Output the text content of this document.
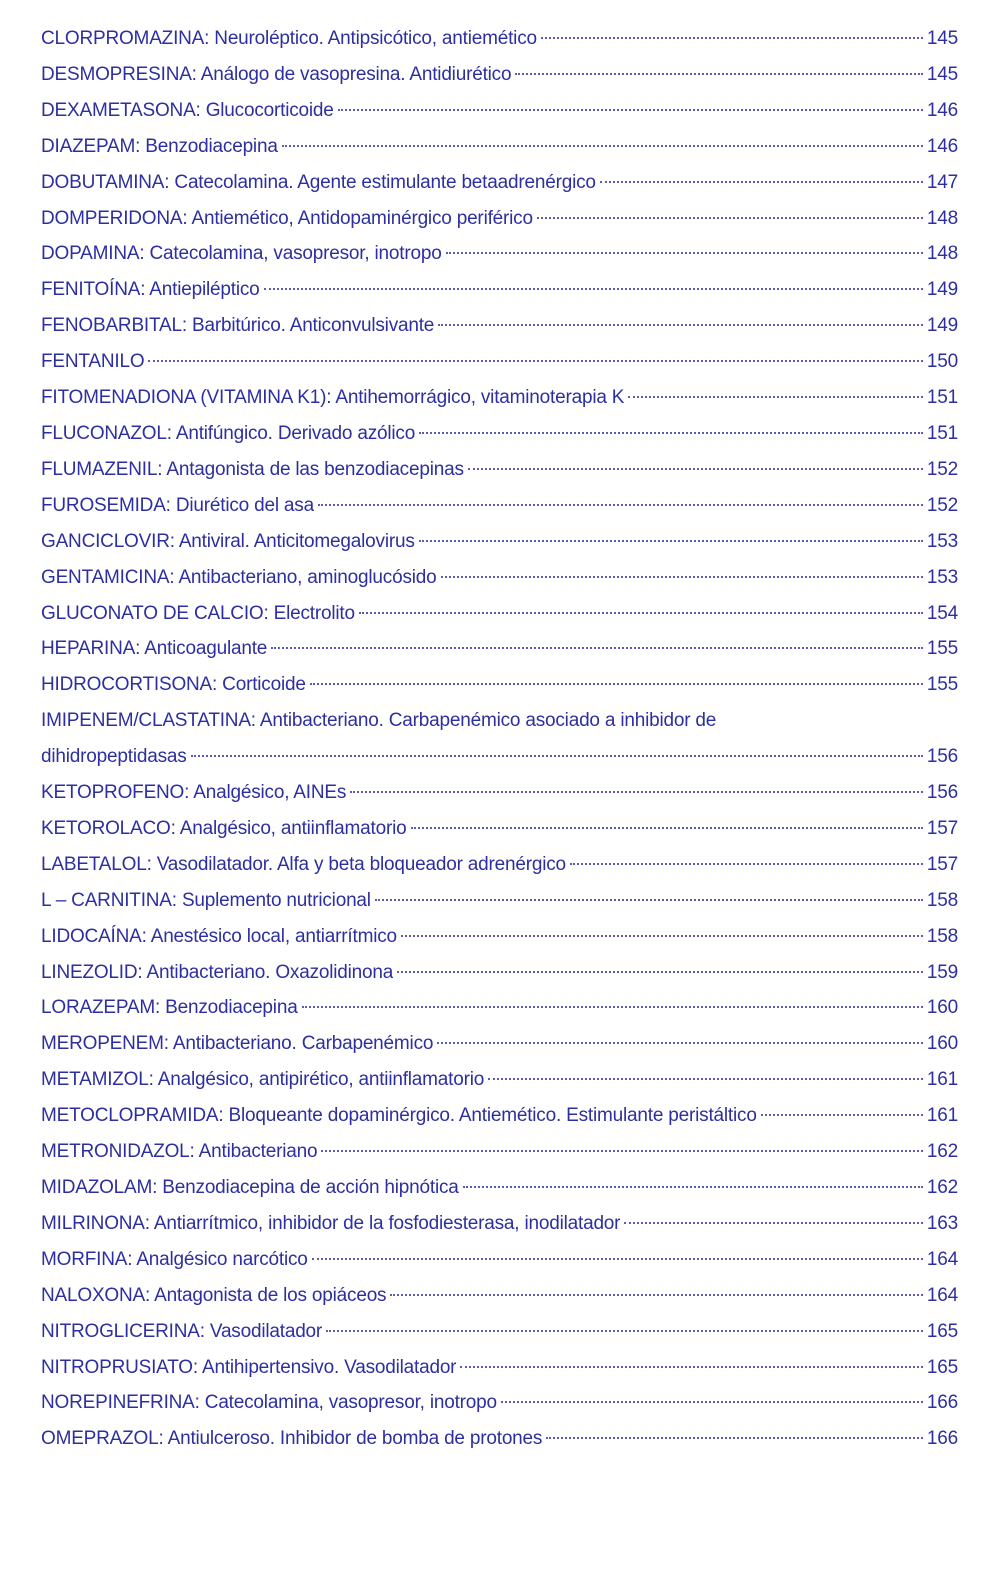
CLORPROMAZINA: Neuroléptico. Antipsicótico, antiemético	145
DESMOPRESINA: Análogo de vasopresina. Antidiurético	145
DEXAMETASONA: Glucocorticoide	146
DIAZEPAM: Benzodiacepina	146
DOBUTAMINA: Catecolamina. Agente estimulante betaadrenérgico	147
DOMPERIDONA: Antiemético, Antidopaminérgico periférico	148
DOPAMINA: Catecolamina, vasopresor, inotropo	148
FENITOÍNA: Antiepiléptico	149
FENOBARBITAL: Barbitúrico. Anticonvulsivante	149
FENTANILO	150
FITOMENADIONA (VITAMINA K1): Antihemorrágico, vitaminoterapia K	151
FLUCONAZOL: Antifúngico. Derivado azólico	151
FLUMAZENIL: Antagonista de las benzodiacepinas	152
FUROSEMIDA: Diurético del asa	152
GANCICLOVIR: Antiviral. Anticitomegalovirus	153
GENTAMICINA: Antibacteriano, aminoglucósido	153
GLUCONATO DE CALCIO: Electrolito	154
HEPARINA: Anticoagulante	155
HIDROCORTISONA: Corticoide	155
IMIPENEM/CLASTATINA: Antibacteriano. Carbapenémico asociado a inhibidor de
dihidropeptidasas	156
KETOPROFENO: Analgésico, AINEs	156
KETOROLACO: Analgésico, antiinflamatorio	157
LABETALOL: Vasodilatador. Alfa y beta bloqueador adrenérgico	157
L – CARNITINA: Suplemento nutricional	158
LIDOCAÍNA: Anestésico local, antiarrítmico	158
LINEZOLID: Antibacteriano. Oxazolidinona	159
LORAZEPAM: Benzodiacepina	160
MEROPENEM: Antibacteriano. Carbapenémico	160
METAMIZOL: Analgésico, antipirético, antiinflamatorio	161
METOCLOPRAMIDA: Bloqueante dopaminérgico. Antiemético. Estimulante peristáltico	161
METRONIDAZOL: Antibacteriano	162
MIDAZOLAM: Benzodiacepina de acción hipnótica	162
MILRINONA: Antiarrítmico, inhibidor de la fosfodiesterasa, inodilatador	163
MORFINA: Analgésico narcótico	164
NALOXONA: Antagonista de los opiáceos	164
NITROGLICERINA: Vasodilatador	165
NITROPRUSIATO: Antihipertensivo. Vasodilatador	165
NOREPINEFRINA: Catecolamina, vasopresor, inotropo	166
OMEPRAZOL: Antiulceroso. Inhibidor de bomba de protones	166
